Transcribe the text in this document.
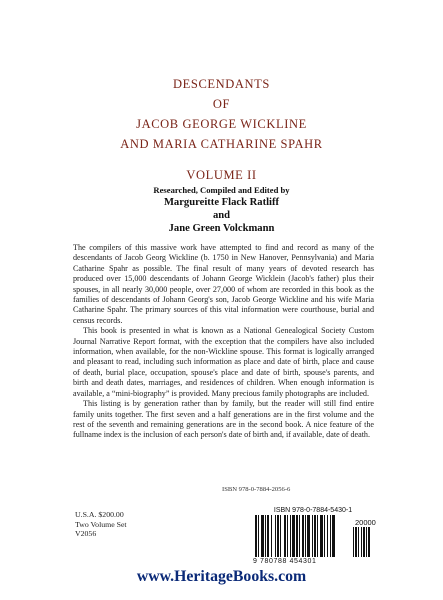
DESCENDANTS
OF
JACOB GEORGE WICKLINE
AND MARIA CATHARINE SPAHR
VOLUME II
Researched, Compiled and Edited by
Margureitte Flack Ratliff
and
Jane Green Volckmann

The compilers of this massive work have attempted to find and record as many of the descendants of Jacob Georg Wickline (b. 1750 in New Hanover, Pennsylvania) and Maria Catharine Spahr as possible. The final result of many years of devoted research has produced over 15,000 descendants of Johann George Wicklein (Jacob's father) plus their spouses, in all nearly 30,000 people, over 27,000 of whom are recorded in this book as the families of descendants of Johann Georg's son, Jacob George Wickline and his wife Maria Catharine Spahr. The primary sources of this vital information were courthouse, burial and census records.

This book is presented in what is known as a National Genealogical Society Custom Journal Narrative Report format, with the exception that the compilers have also included information, when available, for the non-Wickline spouse. This format is logically arranged and pleasant to read, including such information as place and date of birth, place and cause of death, burial place, occupation, spouse's place and date of birth, spouse's parents, and birth and death dates, marriages, and residences of children. When enough information is available, a “mini-biography” is provided. Many precious family photographs are included.

This listing is by generation rather than by family, but the reader will still find entire family units together. The first seven and a half generations are in the first volume and the rest of the seventh and remaining generations are in the second book. A nice feature of the fullname index is the inclusion of each person's date of birth and, if available, date of death.

ISBN 978-0-7884-2056-6
U.S.A. $200.00
Two Volume Set
V2056
ISBN 978-0-7884-5430-1
20000
9 780788 454301
www.HeritageBooks.com
